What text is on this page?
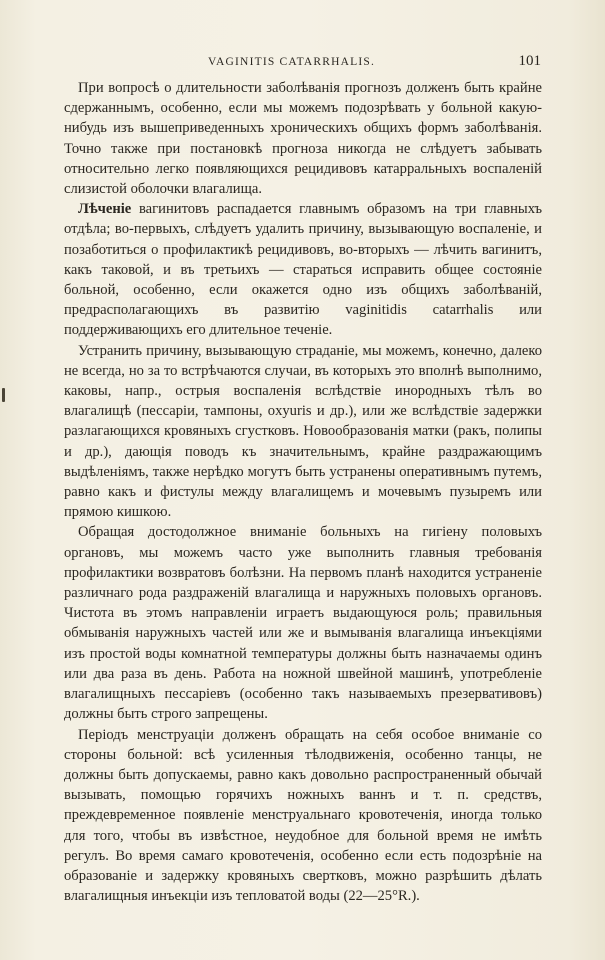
VAGINITIS CATARRHALIS.	101

При вопросѣ о длительности заболѣванія прогнозъ долженъ быть крайне сдержаннымъ, особенно, если мы можемъ подозрѣвать у больной какую-нибудь изъ вышеприведенныхъ хроническихъ общихъ формъ заболѣванія. Точно также при постановкѣ прогноза никогда не слѣдуетъ забывать относительно легко появляющихся рецидивовъ катарральныхъ воспаленій слизистой оболочки влагалища.

Лѣченіе вагинитовъ распадается главнымъ образомъ на три главныхъ отдѣла; во-первыхъ, слѣдуетъ удалить причину, вызывающую воспаленіе, и позаботиться о профилактикѣ рецидивовъ, во-вторыхъ — лѣчить вагинитъ, какъ таковой, и въ третьихъ — стараться исправить общее состояніе больной, особенно, если окажется одно изъ общихъ заболѣваній, предрасполагающихъ въ развитію vaginitidis catarrhalis или поддерживающихъ его длительное теченіе.

Устранить причину, вызывающую страданіе, мы можемъ, конечно, далеко не всегда, но за то встрѣчаются случаи, въ которыхъ это вполнѣ выполнимо, каковы, напр., острыя воспаленія вслѣдствіе инородныхъ тѣлъ во влагалищѣ (пессаріи, тампоны, oxyuris и др.), или же вслѣдствіе задержки разлагающихся кровяныхъ сгустковъ. Новообразованія матки (ракъ, полипы и др.), дающія поводъ къ значительнымъ, крайне раздражающимъ выдѣленіямъ, также нерѣдко могутъ быть устранены оперативнымъ путемъ, равно какъ и фистулы между влагалищемъ и мочевымъ пузыремъ или прямою кишкою.

Обращая достодолжное вниманіе больныхъ на гигіену половыхъ органовъ, мы можемъ часто уже выполнить главныя требованія профилактики возвратовъ болѣзни. На первомъ планѣ находится устраненіе различнаго рода раздраженій влагалища и наружныхъ половыхъ органовъ. Чистота въ этомъ направленіи играетъ выдающуюся роль; правильныя обмыванія наружныхъ частей или же и вымыванія влагалища инъекціями изъ простой воды комнатной температуры должны быть назначаемы одинъ или два раза въ день. Работа на ножной швейной машинѣ, употребленіе влагалищныхъ пессаріевъ (особенно такъ называемыхъ презервативовъ) должны быть строго запрещены.

Періодъ менструаціи долженъ обращать на себя особое вниманіе со стороны больной: всѣ усиленныя тѣлодвиженія, особенно танцы, не должны быть допускаемы, равно какъ довольно распространенный обычай вызывать, помощью горячихъ ножныхъ ваннъ и т. п. средствъ, преждевременное появленіе менструальнаго кровотеченія, иногда только для того, чтобы въ извѣстное, неудобное для больной время не имѣть регулъ. Во время самаго кровотеченія, особенно если есть подозрѣніе на образованіе и задержку кровяныхъ свертковъ, можно разрѣшить дѣлать влагалищныя инъекціи изъ тепловатой воды (22—25°R.).
